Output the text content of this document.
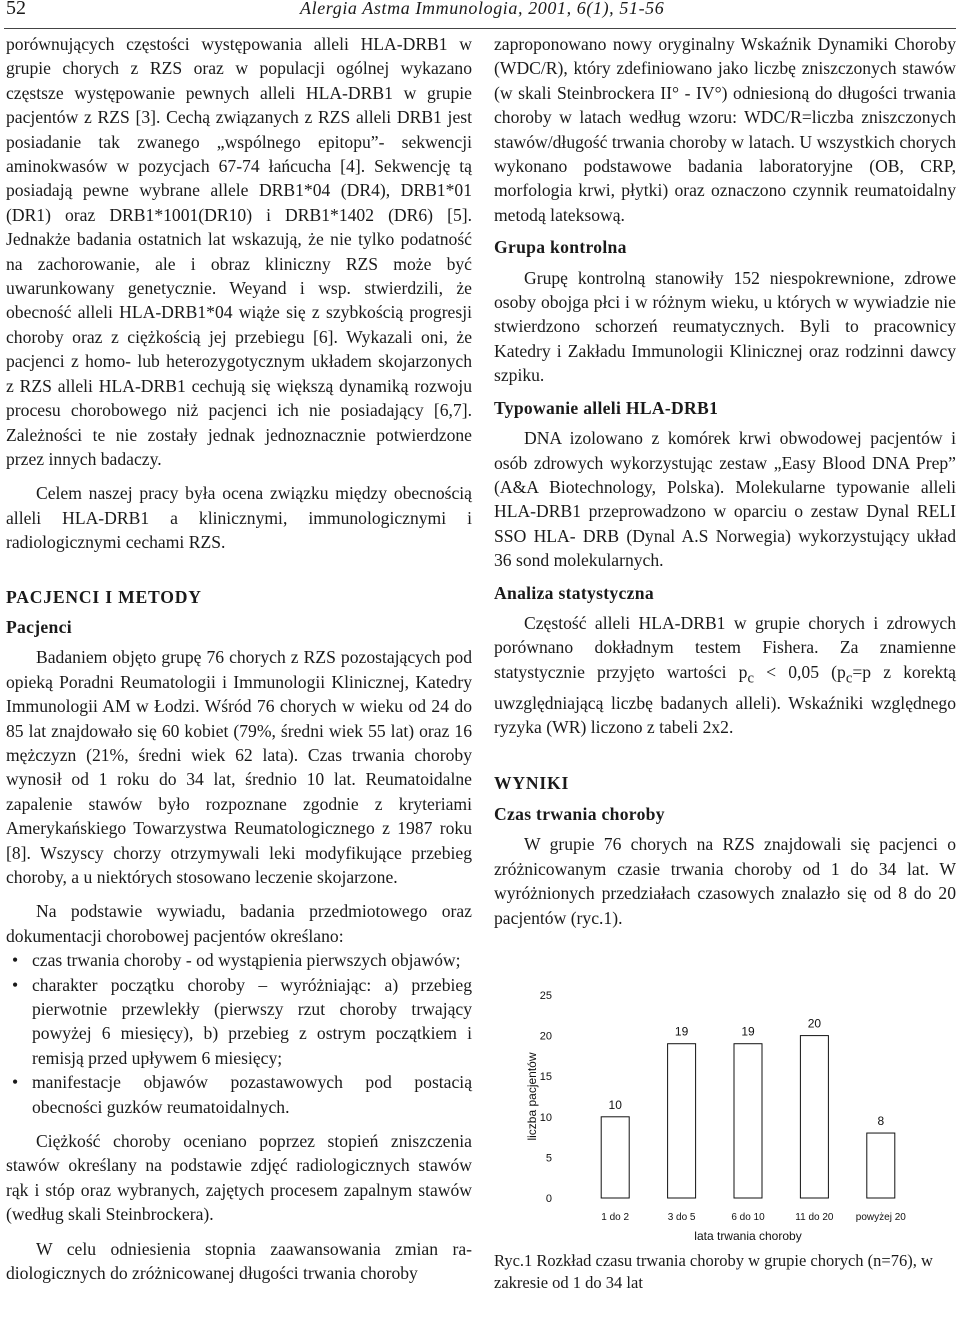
52	Alergia Astma Immunologia, 2001, 6(1), 51-56

porównujących częstości występowania alleli HLA-DRB1 w grupie chorych z RZS oraz w populacji ogólnej wykazano częstsze występowanie pewnych alleli HLA-DRB1 w grupie pacjentów z RZS [3]. Cechą związanych z RZS alleli DRB1 jest posiadanie tak zwanego „wspólnego epitopu”- sekwencji aminokwasów w pozycjach 67-74 łańcucha [4]. Sekwencję tą posiadają pewne wybrane allele DRB1*04 (DR4), DRB1*01 (DR1) oraz DRB1*1001(DR10) i DRB1*1402 (DR6) [5]. Jednakże badania ostatnich lat wskazują, że nie tylko podatność na zachorowanie, ale i obraz kliniczny RZS może być uwarunkowany genetycznie. Weyand i wsp. stwierdzili, że obecność alleli HLA-DRB1*04 wiąże się z szybkością progresji choroby oraz z ciężkością jej przebiegu [6]. Wykazali oni, że pacjenci z homo- lub heterozygotycznym układem skojarzonych z RZS alleli HLA-DRB1 cechują się większą dynamiką rozwoju procesu chorobowego niż pacjenci ich nie posiadający [6,7]. Zależności te nie zostały jednak jednoznacznie potwierdzone przez innych badaczy.

Celem naszej pracy była ocena związku między obecnością alleli HLA-DRB1 a klinicznymi, immunologicznymi i radiologicznymi cechami RZS.

PACJENCI I METODY
Pacjenci

Badaniem objęto grupę 76 chorych z RZS pozostających pod opieką Poradni Reumatologii i Immunologii Klinicznej, Katedry Immunologii AM w Łodzi. Wśród 76 chorych w wieku od 24 do 85 lat znajdowało się 60 kobiet (79%, średni wiek 55 lat) oraz 16 mężczyzn (21%, średni wiek 62 lata). Czas trwania choroby wynosił od 1 roku do 34 lat, średnio 10 lat. Reumatoidalne zapalenie stawów było rozpoznane zgodnie z kryteriami Amerykańskiego Towarzystwa Reumatologicznego z 1987 roku [8]. Wszyscy chorzy otrzymywali leki modyfikujące przebieg choroby, a u niektórych stosowano leczenie skojarzone.

Na podstawie wywiadu, badania przedmiotowego oraz dokumentacji chorobowej pacjentów określano:

• czas trwania choroby - od wystąpienia pierwszych objawów;
• charakter początku choroby – wyróżniając: a) przebieg pierwotnie przewlekły (pierwszy rzut choroby trwający powyżej 6 miesięcy), b) przebieg z ostrym początkiem i remisją przed upływem 6 miesięcy;
• manifestacje objawów pozastawowych pod postacią obecności guzków reumatoidalnych.

Ciężkość choroby oceniano poprzez stopień zniszczenia stawów określany na podstawie zdjęć radiologicznych stawów rąk i stóp oraz wybranych, zajętych procesem zapalnym stawów (według skali Steinbrockera).

W celu odniesienia stopnia zaawansowania zmian radiologicznych do zróżnicowanej długości trwania choroby

zaproponowano nowy oryginalny Wskaźnik Dynamiki Choroby (WDC/R), który zdefiniowano jako liczbę zniszczonych stawów (w skali Steinbrockera II° - IV°) odniesioną do długości trwania choroby w latach według wzoru: WDC/R=liczba zniszczonych stawów/długość trwania choroby w latach. U wszystkich chorych wykonano podstawowe badania laboratoryjne (OB, CRP, morfologia krwi, płytki) oraz oznaczono czynnik reumatoidalny metodą lateksową.

Grupa kontrolna

Grupę kontrolną stanowiły 152 niespokrewnione, zdrowe osoby obojga płci i w różnym wieku, u których w wywiadzie nie stwierdzono schorzeń reumatycznych. Byli to pracownicy Katedry i Zakładu Immunologii Klinicznej oraz rodzinni dawcy szpiku.

Typowanie alleli HLA-DRB1

DNA izolowano z komórek krwi obwodowej pacjentów i osób zdrowych wykorzystując zestaw „Easy Blood DNA Prep” (A&A Biotechnology, Polska). Molekularne typowanie alleli HLA-DRB1 przeprowadzono w oparciu o zestaw Dynal RELI SSO HLA- DRB (Dynal A.S Norwegia) wykorzystujący układ 36 sond molekularnych.

Analiza statystyczna

Częstość alleli HLA-DRB1 w grupie chorych i zdrowych porównano dokładnym testem Fishera. Za znamienne statystycznie przyjęto wartości $p_c < 0,05$ ($p_c=p$ z korektą uwzględniającą liczbę badanych alleli). Wskaźniki względnego ryzyka (WR) liczono z tabeli 2x2.

WYNIKI
Czas trwania choroby

W grupie 76 chorych na RZS znajdowali się pacjenci o zróżnicowanym czasie trwania choroby od 1 do 34 lat. W wyróżnionych przedziałach czasowych znalazło się od 8 do 20 pacjentów (ryc.1).

0
5
10
15
20
25
liczba pacjentów	10
1 do 2
19
3 do 5
19
6 do 10
20
11 do 20
8
powyżej 20
lata trwania choroby
Ryc.1 Rozkład czasu trwania choroby w grupie chorych (n=76), w zakresie od 1 do 34 lat
